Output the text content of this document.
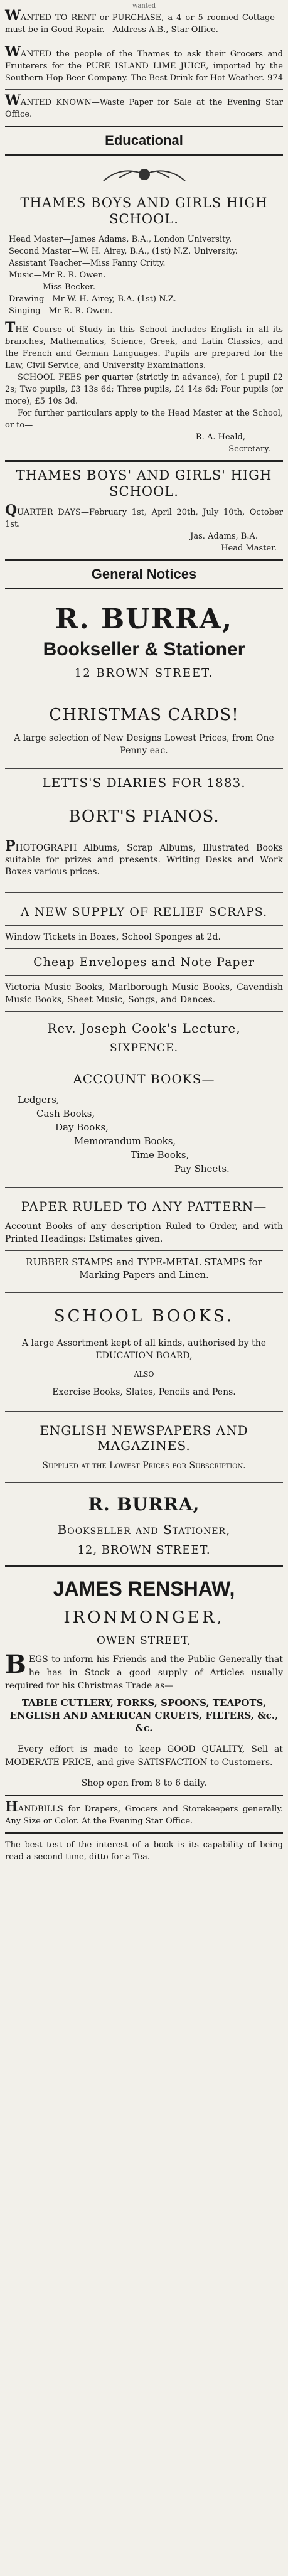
wanted

WANTED TO RENT or PURCHASE, a 4 or 5 roomed Cottage—must be in Good Repair.—Address A.B., Star Office.

WANTED the people of the Thames to ask their Grocers and Fruiterers for the PURE ISLAND LIME JUICE, imported by the Southern Hop Beer Company. The Best Drink for Hot Weather. 974

WANTED KNOWN—Waste Paper for Sale at the Evening Star Office.

Educational
THAMES BOYS AND GIRLS HIGH SCHOOL.

Head Master—James Adams, B.A., London University.

Second Master—W. H. Airey, B.A., (1st) N.Z. University.

Assistant Teacher—Miss Fanny Critty.

Music—Mr R. R. Owen.

Miss Becker.

Drawing—Mr W. H. Airey, B.A. (1st) N.Z.

Singing—Mr R. R. Owen.

THE Course of Study in this School includes English in all its branches, Mathematics, Science, Greek, and Latin Classics, and the French and German Languages. Pupils are prepared for the Law, Civil Service, and University Examinations.

SCHOOL FEES per quarter (strictly in advance), for 1 pupil £2 2s; Two pupils, £3 13s 6d; Three pupils, £4 14s 6d; Four pupils (or more), £5 10s 3d.

For further particulars apply to the Head Master at the School, or to—

R. A. Heald,

Secretary.

THAMES BOYS' AND GIRLS' HIGH SCHOOL.

QUARTER DAYS—February 1st, April 20th, July 10th, October 1st.

Jas. Adams, B.A.

Head Master.

General Notices
R. BURRA,
Bookseller & Stationer
12 BROWN STREET.
CHRISTMAS CARDS!

A large selection of New Designs Lowest Prices, from One Penny eac.

LETTS'S DIARIES FOR 1883.
BORT'S PIANOS.

PHOTOGRAPH Albums, Scrap Albums, Illustrated Books suitable for prizes and presents. Writing Desks and Work Boxes various prices.

A NEW SUPPLY OF RELIEF SCRAPS.

Window Tickets in Boxes, School Sponges at 2d.

Cheap Envelopes and Note Paper

Victoria Music Books, Marlborough Music Books, Cavendish Music Books, Sheet Music, Songs, and Dances.

Rev. Joseph Cook's Lecture,
SIXPENCE.
ACCOUNT BOOKS—

Ledgers,

Cash Books,

Day Books,

Memorandum Books,

Time Books,

Pay Sheets.

PAPER RULED TO ANY PATTERN—

Account Books of any description Ruled to Order, and with Printed Headings: Estimates given.

RUBBER STAMPS and TYPE-METAL STAMPS for Marking Papers and Linen.

SCHOOL BOOKS.

A large Assortment kept of all kinds, authorised by the EDUCATION BOARD,

ALSO

Exercise Books, Slates, Pencils and Pens.

ENGLISH NEWSPAPERS AND MAGAZINES.

Supplied at the Lowest Prices for Subscription.

R. BURRA,
Bookseller and Stationer,
12, BROWN STREET.
JAMES RENSHAW,
IRONMONGER,
OWEN STREET,

BEGS to inform his Friends and the Public Generally that he has in Stock a good supply of Articles usually required for his Christmas Trade as—

TABLE CUTLERY, FORKS, SPOONS, TEAPOTS, ENGLISH AND AMERICAN CRUETS, FILTERS, &c., &c.

Every effort is made to keep GOOD QUALITY, Sell at MODERATE PRICE, and give SATISFACTION to Customers.

Shop open from 8 to 6 daily.

HANDBILLS for Drapers, Grocers and Storekeepers generally. Any Size or Color. At the Evening Star Office.

The best test of the interest of a book is its capability of being read a second time, ditto for a Tea.
